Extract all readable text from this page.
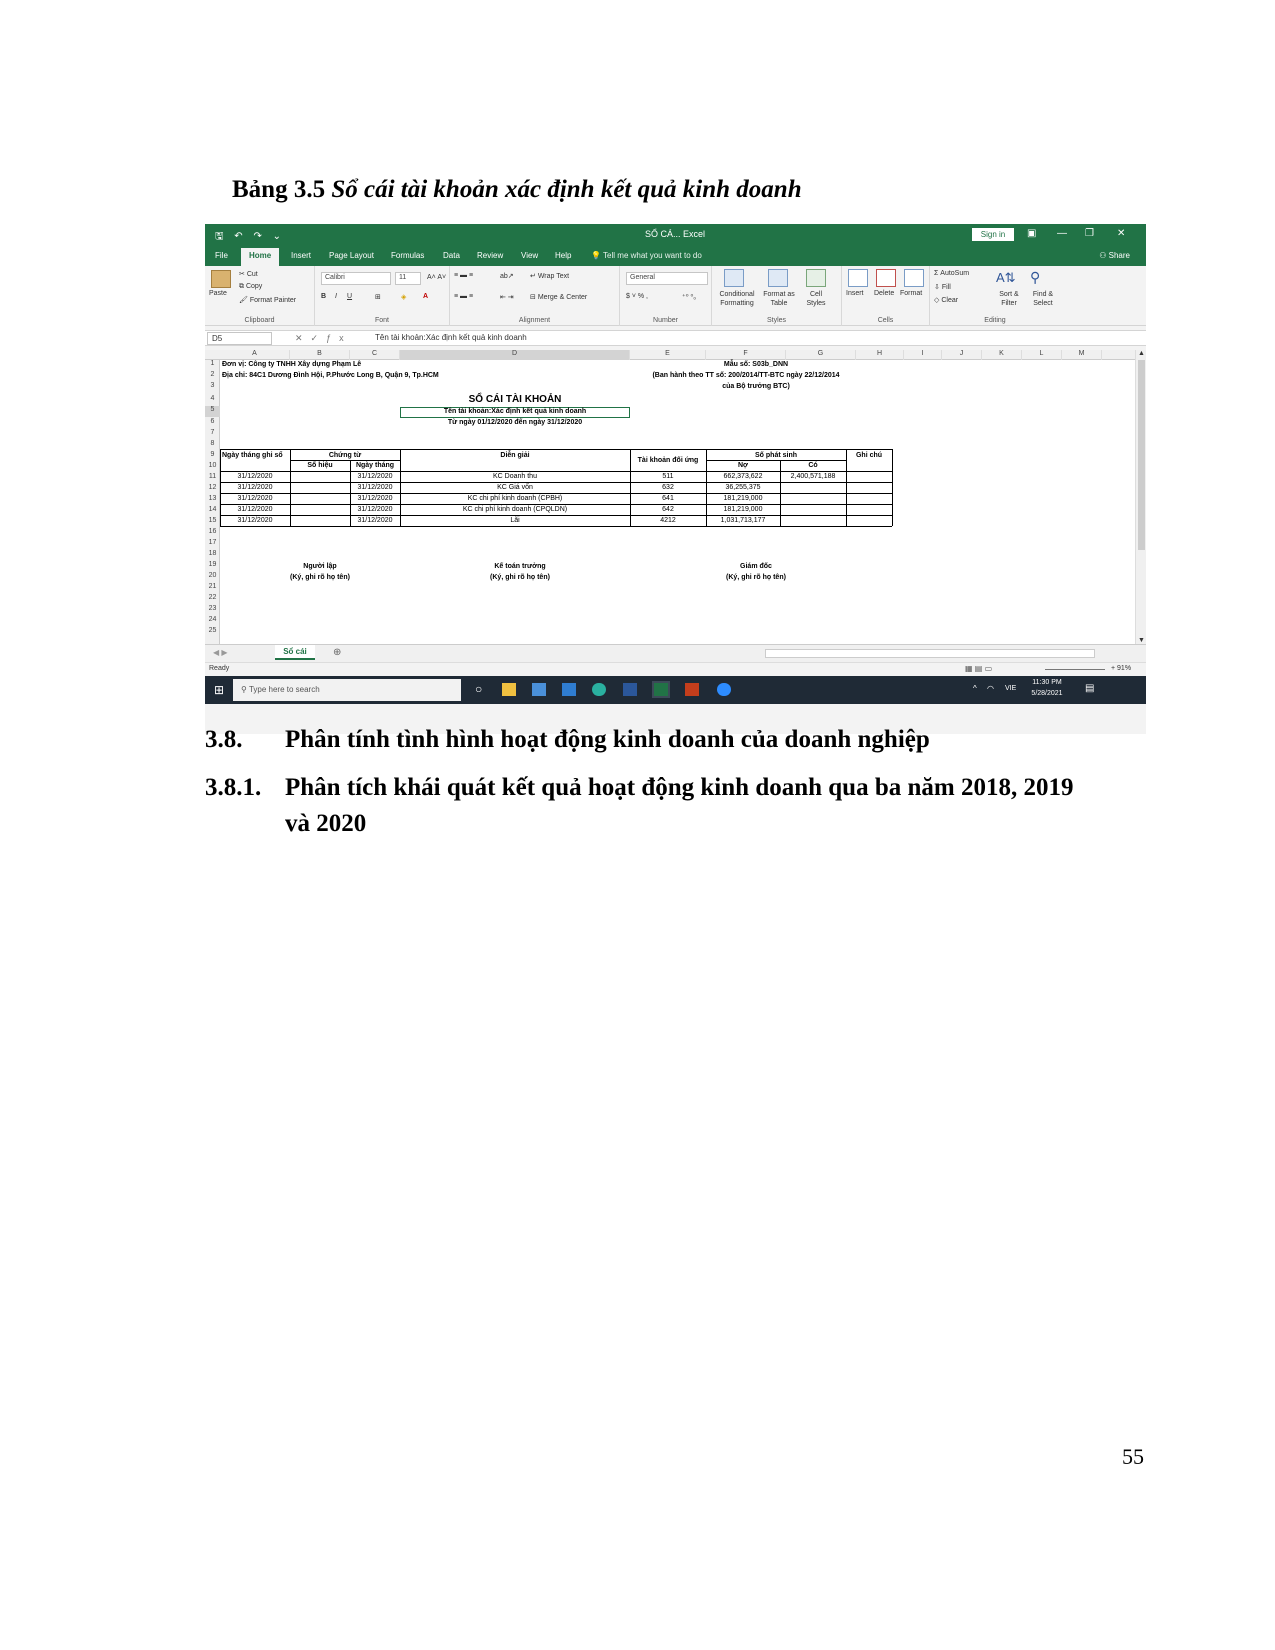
Bảng 3.5 Sổ cái tài khoản xác định kết quả kinh doanh
🖫 ↶ ↷ ⌄	SỔ CÁ... Excel	Sign in	▣ — ❐ ✕
File	Home	Insert Page Layout Formulas Data Review View Help 💡 Tell me what you want to do	⚇ Share
Paste
✂ Cut
⧉ Copy
🖌 Format Painter
Clipboard
Calibri	11	A˄ A˅
B I U	⊞	◈ A
Font
≡ ▬ ≡	ab↗ ↵ Wrap Text
≡ ▬ ≡	⇤ ⇥ ⊟ Merge & Center
Alignment
General
$ ˅ % ,	⁺⁰ ⁰₀
Number
Conditional Formatting
Format as Table
Cell Styles
Styles
Insert Delete Format
Cells
Σ AutoSum
⇩ Fill
◇ Clear
A⇅
Sort & Filter
⚲
Find & Select
Editing
D5	✕✓ƒx	Tên tài khoản:Xác định kết quả kinh doanh
A	B	C	D	E	F	G	H	I	J	K	L	M
1
2
3
4
5
6
7
8
9
10
11
12
13
14
15
16
17
18
19
20
21
22
23
24
25
Đơn vị: Công ty TNHH Xây dựng Phạm Lê
Địa chỉ: 84C1 Dương Đình Hội, P.Phước Long B, Quận 9, Tp.HCM
Mẫu số: S03b_DNN
(Ban hành theo TT số: 200/2014/TT-BTC ngày 22/12/2014
của Bộ trưởng BTC)
SỔ CÁI TÀI KHOẢN
Tên tài khoản:Xác định kết quả kinh doanh
Từ ngày 01/12/2020 đến ngày 31/12/2020
Ngày tháng ghi sổ	Chứng từ
Số hiệu	Ngày tháng
Diễn giải
Tài khoản đối ứng
Số phát sinh
Nợ	Có
Ghi chú
31/12/2020	31/12/2020	KC Doanh thu	511	662,373,622	2,400,571,188
31/12/2020	31/12/2020	KC Giá vốn	632	36,255,375
31/12/2020	31/12/2020	KC chi phí kinh doanh (CPBH)	641	181,219,000
31/12/2020	31/12/2020	KC chi phí kinh doanh (CPQLDN)	642	181,219,000
31/12/2020	31/12/2020	Lãi	4212	1,031,713,177
Người lập
(Ký, ghi rõ họ tên)
Kế toán trưởng
(Ký, ghi rõ họ tên)
Giám đốc
(Ký, ghi rõ họ tên)
▲
▼
◀ ▶	Sổ cái	⊕
Ready	▦ ▤ ▭	+ 91%
⊞	⚲ Type here to search	○	^ ◠ VIE
11:30 PM
5/28/2021	▤
3.8. Phân tính tình hình hoạt động kinh doanh của doanh nghiệp
3.8.1. Phân tích khái quát kết quả hoạt động kinh doanh qua ba năm 2018, 2019
và 2020
55
